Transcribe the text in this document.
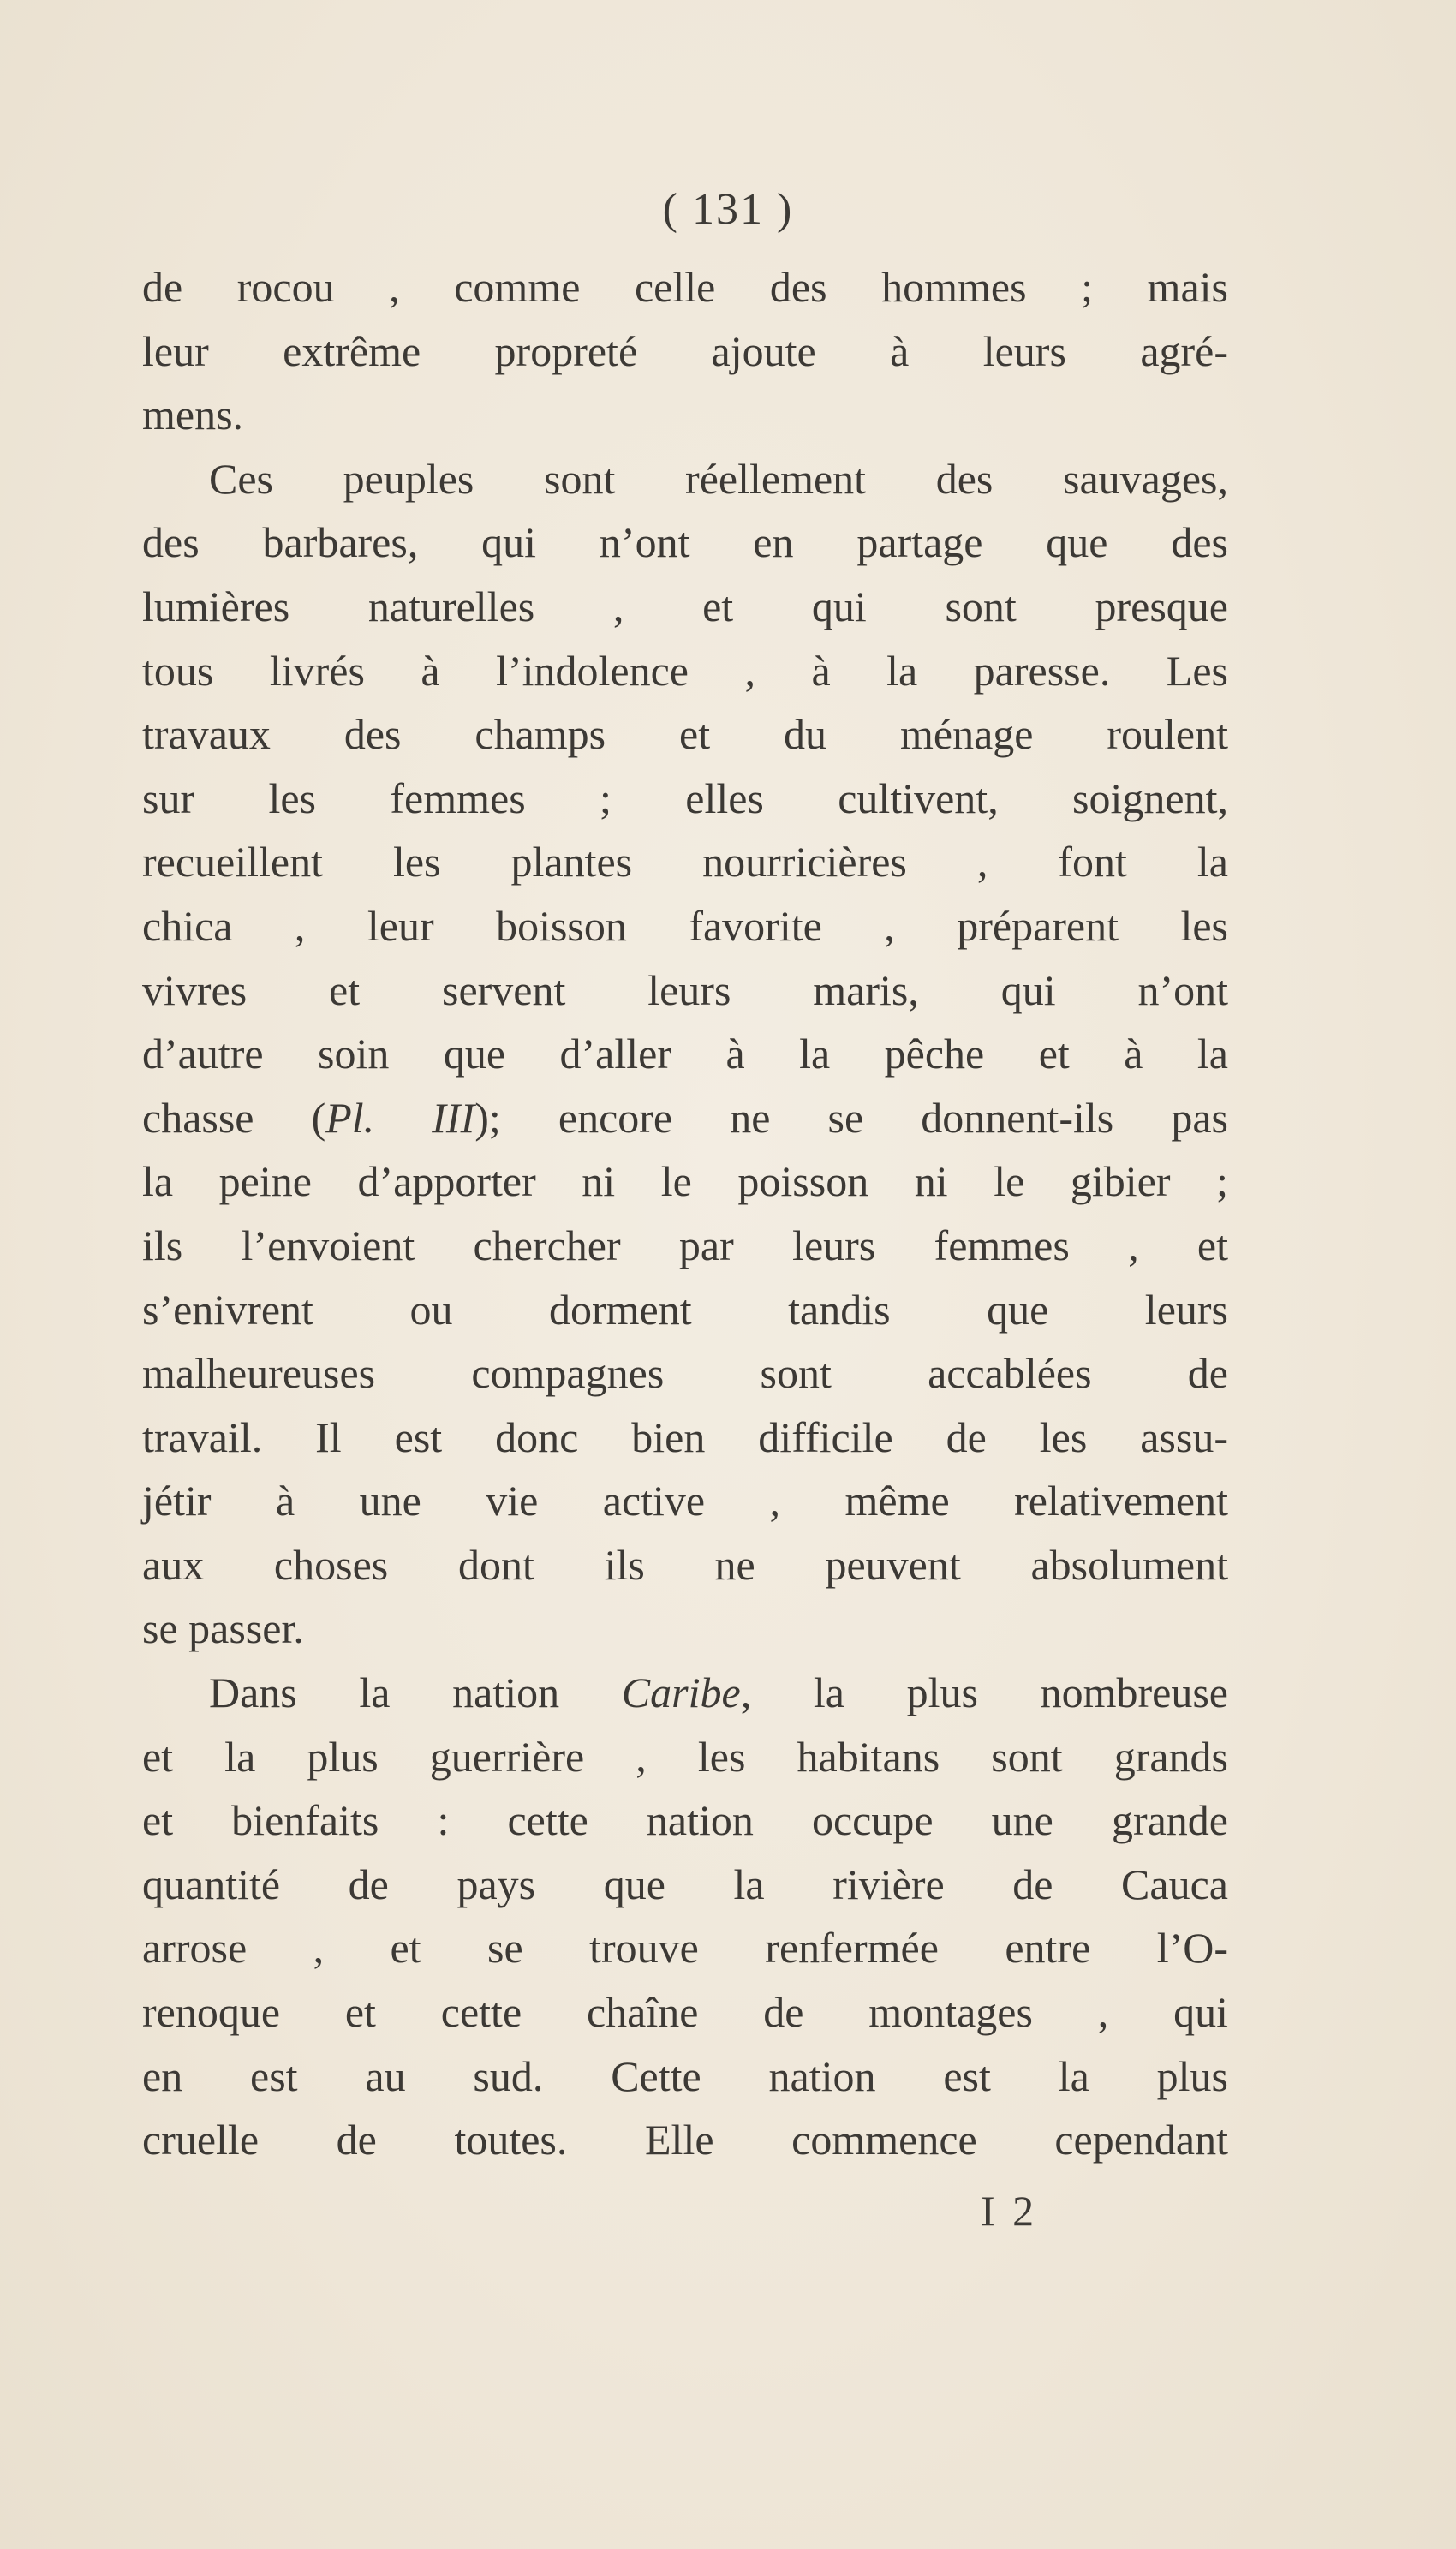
( 131 )
de rocou , comme celle des hommes ; mais
leur extrême propreté ajoute à leurs agré-
mens.
Ces peuples sont réellement des sauvages,
des barbares, qui n’ont en partage que des
lumières naturelles , et qui sont presque
tous livrés à l’indolence , à la paresse. Les
travaux des champs et du ménage roulent
sur les femmes ; elles cultivent, soignent,
recueillent les plantes nourricières , font la
chica , leur boisson favorite , préparent les
vivres et servent leurs maris, qui n’ont
d’autre soin que d’aller à la pêche et à la
chasse (Pl. III); encore ne se donnent-ils pas
la peine d’apporter ni le poisson ni le gibier ;
ils l’envoient chercher par leurs femmes , et
s’enivrent ou dorment tandis que leurs
malheureuses compagnes sont accablées de
travail. Il est donc bien difficile de les assu-
jétir à une vie active , même relativement
aux choses dont ils ne peuvent absolument
se passer.
Dans la nation Caribe, la plus nombreuse
et la plus guerrière , les habitans sont grands
et bienfaits : cette nation occupe une grande
quantité de pays que la rivière de Cauca
arrose , et se trouve renfermée entre l’O-
renoque et cette chaîne de montages , qui
en est au sud. Cette nation est la plus
cruelle de toutes. Elle commence cependant
I 2
